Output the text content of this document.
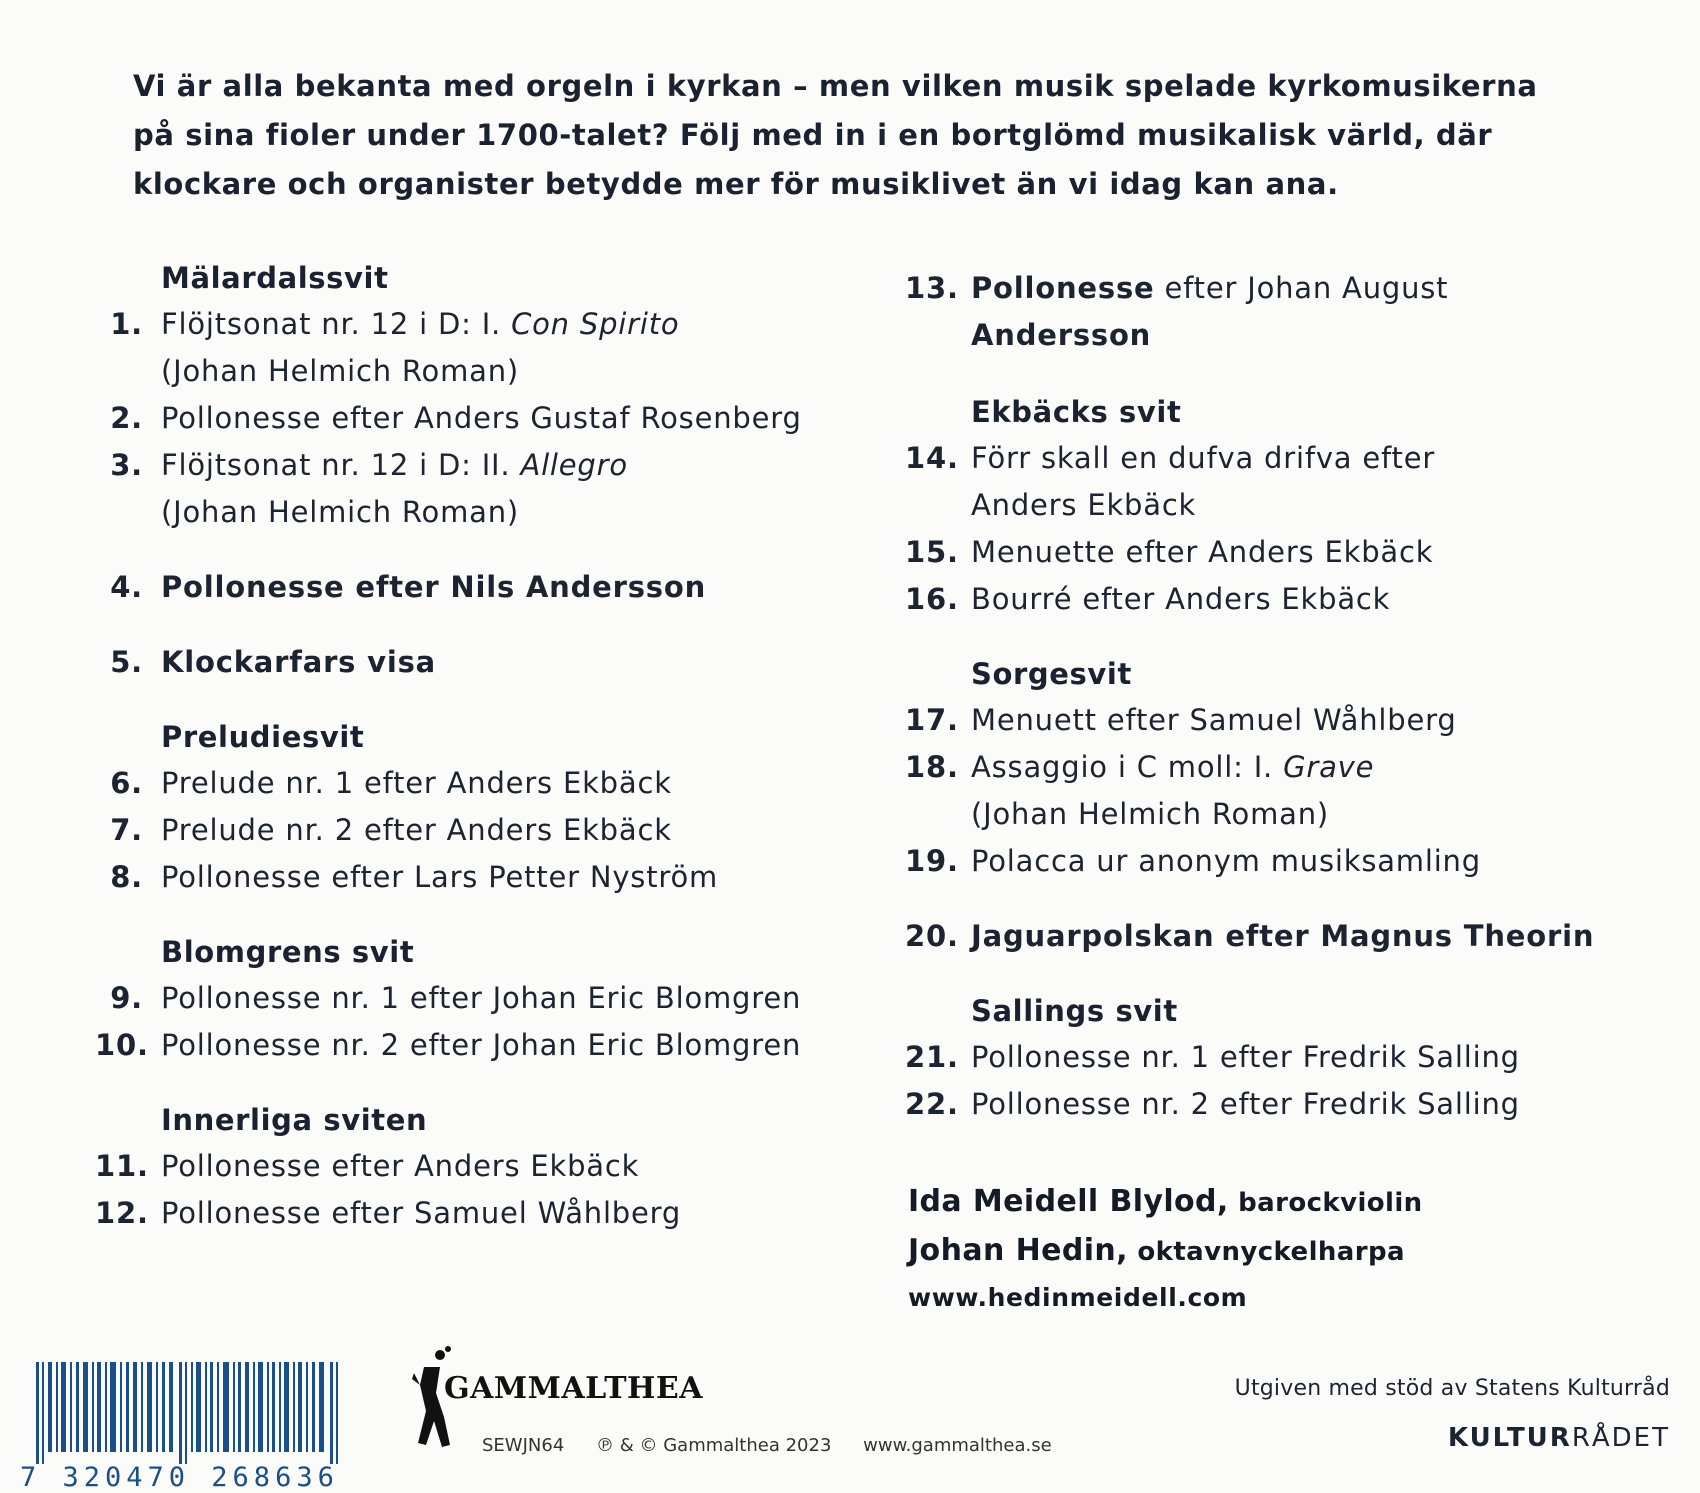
Vi är alla bekanta med orgeln i kyrkan – men vilken musik spelade kyrkomusikerna på sina fioler under 1700-talet? Följ med in i en bortglömd musikalisk värld, där klockare och organister betydde mer för musiklivet än vi idag kan ana.
Mälardalssvit
1. Flöjtsonat nr. 12 i D: I. Con Spirito
(Johan Helmich Roman)
2. Pollonesse efter Anders Gustaf Rosenberg
3. Flöjtsonat nr. 12 i D: II. Allegro
(Johan Helmich Roman)
4. Pollonesse efter Nils Andersson
5. Klockarfars visa
Preludiesvit
6. Prelude nr. 1 efter Anders Ekbäck
7. Prelude nr. 2 efter Anders Ekbäck
8. Pollonesse efter Lars Petter Nyström
Blomgrens svit
9. Pollonesse nr. 1 efter Johan Eric Blomgren
10. Pollonesse nr. 2 efter Johan Eric Blomgren
Innerliga sviten
11. Pollonesse efter Anders Ekbäck
12. Pollonesse efter Samuel Wåhlberg
13. Pollonesse efter Johan August
Andersson
Ekbäcks svit
14. Förr skall en dufva drifva efter
Anders Ekbäck
15. Menuette efter Anders Ekbäck
16. Bourré efter Anders Ekbäck
Sorgesvit
17. Menuett efter Samuel Wåhlberg
18. Assaggio i C moll: I. Grave
(Johan Helmich Roman)
19. Polacca ur anonym musiksamling
20. Jaguarpolskan efter Magnus Theorin
Sallings svit
21. Pollonesse nr. 1 efter Fredrik Salling
22. Pollonesse nr. 2 efter Fredrik Salling
Ida Meidell Blylod, barockviolin
Johan Hedin, oktavnyckelharpa
www.hedinmeidell.com
7 320470 268636
GAMMALTHEA
SEWJN64 ℗ & © Gammalthea 2023 www.gammalthea.se
Utgiven med stöd av Statens Kulturråd
KULTURRÅDET
